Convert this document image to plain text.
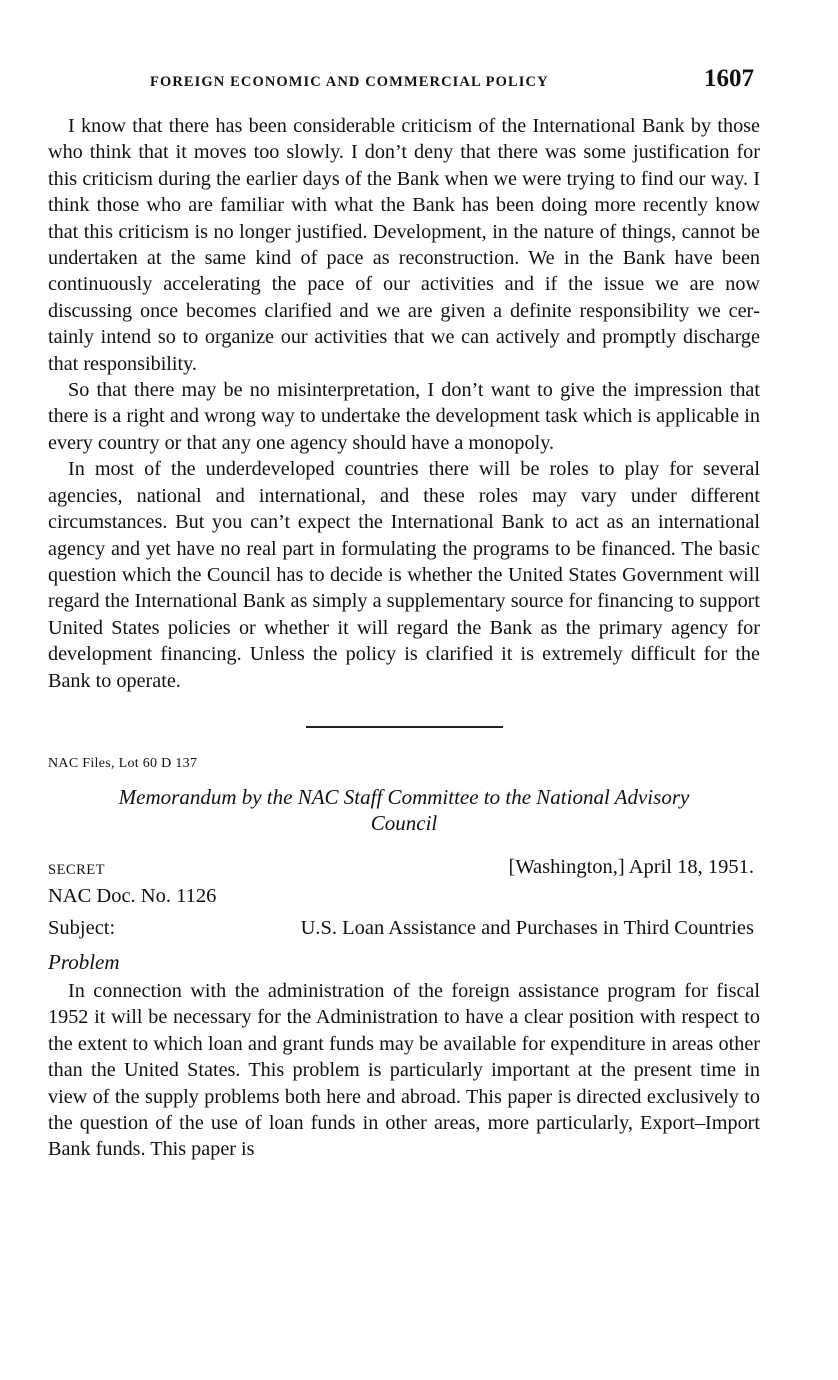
FOREIGN ECONOMIC AND COMMERCIAL POLICY	1607

I know that there has been considerable criticism of the International Bank by those who think that it moves too slowly. I don’t deny that there was some justification for this criticism during the earlier days of the Bank when we were trying to find our way. I think those who are familiar with what the Bank has been doing more recently know that this criticism is no longer justified. Development, in the nature of things, cannot be undertaken at the same kind of pace as reconstruction. We in the Bank have been continuously accelerating the pace of our activities and if the issue we are now discussing once becomes clarified and we are given a definite responsibility we certainly intend so to organize our activities that we can actively and promptly discharge that responsibility.

So that there may be no misinterpretation, I don’t want to give the impression that there is a right and wrong way to undertake the development task which is applicable in every country or that any one agency should have a monopoly.

In most of the underdeveloped countries there will be roles to play for several agencies, national and international, and these roles may vary under different circumstances. But you can’t expect the International Bank to act as an international agency and yet have no real part in formulating the programs to be financed. The basic question which the Council has to decide is whether the United States Government will regard the International Bank as simply a supplementary source for financing to support United States policies or whether it will regard the Bank as the primary agency for development financing. Unless the policy is clarified it is extremely difficult for the Bank to operate.

NAC Files, Lot 60 D 137
Memorandum by the NAC Staff Committee to the National Advisory
Council
SECRET	[Washington,] April 18, 1951.
NAC Doc. No. 1126
Subject:	U.S. Loan Assistance and Purchases in Third Countries
Problem

In connection with the administration of the foreign assistance program for fiscal 1952 it will be necessary for the Administration to have a clear position with respect to the extent to which loan and grant funds may be available for expenditure in areas other than the United States. This problem is particularly important at the present time in view of the supply problems both here and abroad. This paper is directed exclusively to the question of the use of loan funds in other areas, more particularly, Export–Import Bank funds. This paper is
